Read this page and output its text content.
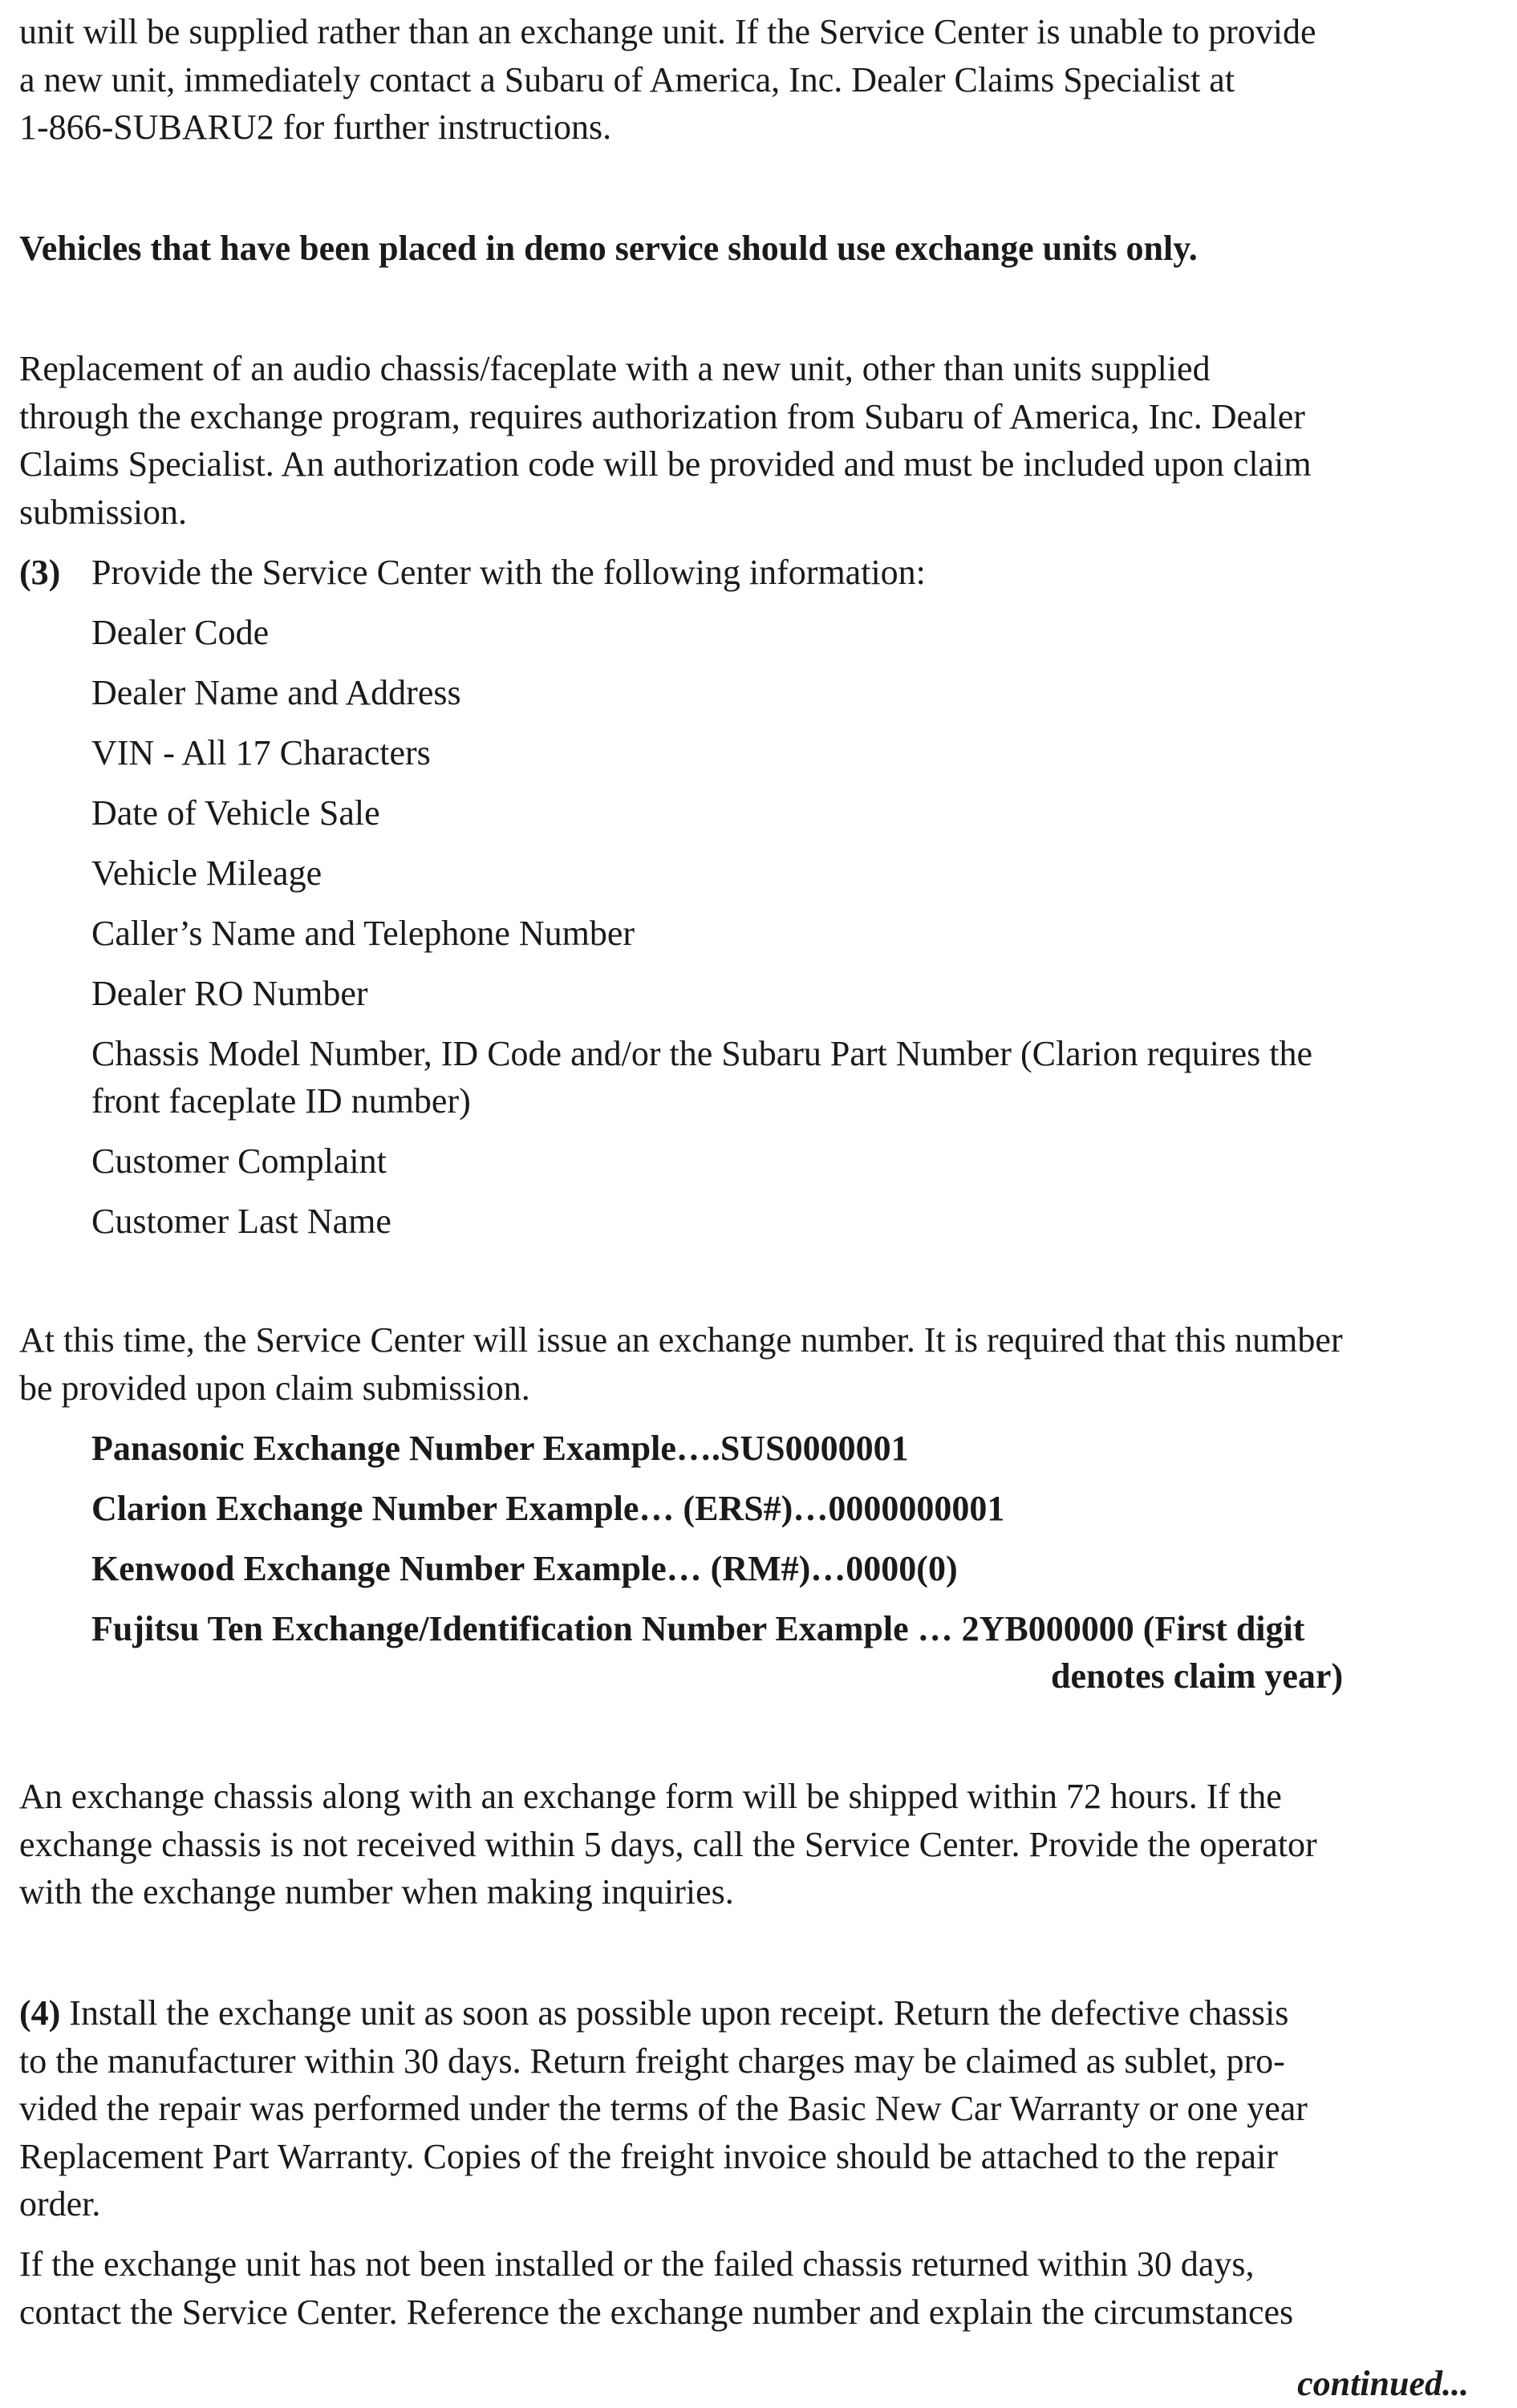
unit will be supplied rather than an exchange unit. If the Service Center is unable to provide
a new unit, immediately contact a Subaru of America, Inc. Dealer Claims Specialist at
1-866-SUBARU2 for further instructions.
Vehicles that have been placed in demo service should use exchange units only.
Replacement of an audio chassis/faceplate with a new unit, other than units supplied
through the exchange program, requires authorization from Subaru of America, Inc. Dealer
Claims Specialist. An authorization code will be provided and must be included upon claim
submission.
(3) Provide the Service Center with the following information:
Dealer Code
Dealer Name and Address
VIN - All 17 Characters
Date of Vehicle Sale
Vehicle Mileage
Caller’s Name and Telephone Number
Dealer RO Number
Chassis Model Number, ID Code and/or the Subaru Part Number (Clarion requires the
front faceplate ID number)
Customer Complaint
Customer Last Name
At this time, the Service Center will issue an exchange number. It is required that this number
be provided upon claim submission.
Panasonic Exchange Number Example….SUS0000001
Clarion Exchange Number Example… (ERS#)…0000000001
Kenwood Exchange Number Example… (RM#)…0000(0)
Fujitsu Ten Exchange/Identification Number Example … 2YB000000 (First digit
denotes claim year)
An exchange chassis along with an exchange form will be shipped within 72 hours. If the
exchange chassis is not received within 5 days, call the Service Center. Provide the operator
with the exchange number when making inquiries.
(4) Install the exchange unit as soon as possible upon receipt. Return the defective chassis
to the manufacturer within 30 days. Return freight charges may be claimed as sublet, pro-
vided the repair was performed under the terms of the Basic New Car Warranty or one year
Replacement Part Warranty. Copies of the freight invoice should be attached to the repair
order.
If the exchange unit has not been installed or the failed chassis returned within 30 days,
contact the Service Center. Reference the exchange number and explain the circumstances
continued...
